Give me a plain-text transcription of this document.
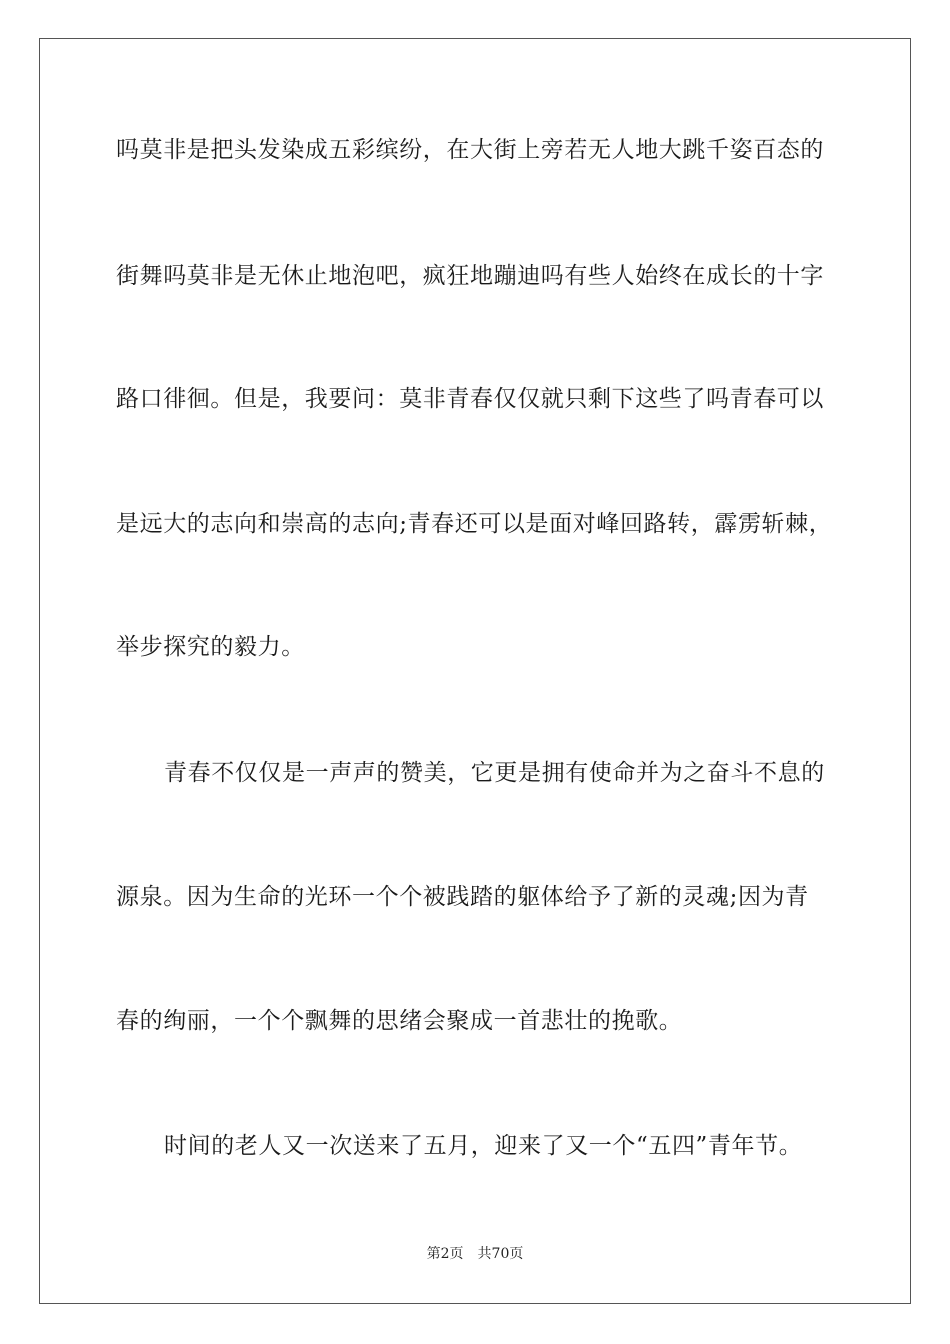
吗莫非是把头发染成五彩缤纷，在大街上旁若无人地大跳千姿百态的
街舞吗莫非是无休止地泡吧，疯狂地蹦迪吗有些人始终在成长的十字
路口徘徊。但是，我要问：莫非青春仅仅就只剩下这些了吗青春可以
是远大的志向和崇高的志向;青春还可以是面对峰回路转，霹雳斩棘，
举步探究的毅力。
青春不仅仅是一声声的赞美，它更是拥有使命并为之奋斗不息的
源泉。因为生命的光环一个个被践踏的躯体给予了新的灵魂;因为青
春的绚丽，一个个飘舞的思绪会聚成一首悲壮的挽歌。
时间的老人又一次送来了五月，迎来了又一个“五四”青年节。
第2页 共70页
